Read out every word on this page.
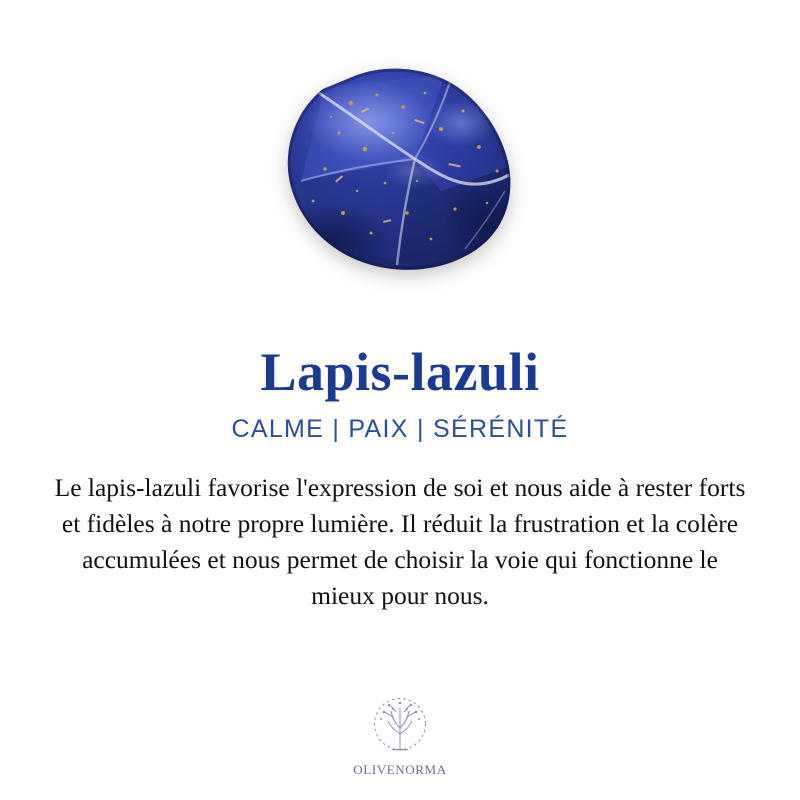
Lapis-lazuli
CALME | PAIX | SÉRÉNITÉ

Le lapis-lazuli favorise l'expression de soi et nous aide à rester forts et fidèles à notre propre lumière. Il réduit la frustration et la colère accumulées et nous permet de choisir la voie qui fonctionne le mieux pour nous.

OLIVENORMA
